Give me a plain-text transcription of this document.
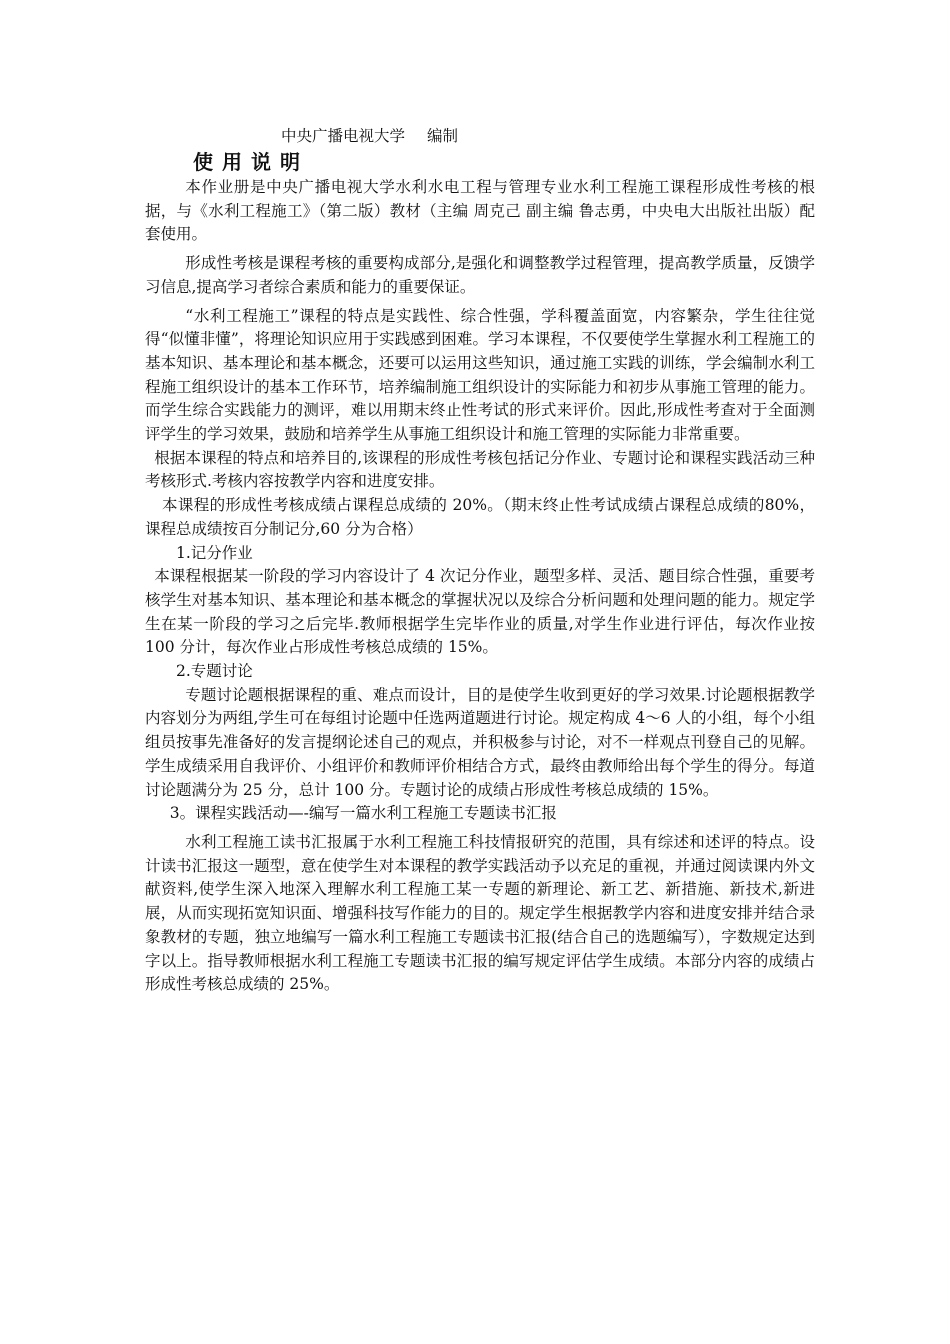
中央广播电视大学 编制
使用说明

本作业册是中央广播电视大学水利水电工程与管理专业水利工程施工课程形成性考核的根据，与《水利工程施工》（第二版）教材（主编 周克己 副主编 鲁志勇，中央电大出版社出版）配套使用。

形成性考核是课程考核的重要构成部分,是强化和调整教学过程管理，提高教学质量，反馈学习信息,提高学习者综合素质和能力的重要保证。

“水利工程施工”课程的特点是实践性、综合性强，学科覆盖面宽，内容繁杂，学生往往觉得“似懂非懂”，将理论知识应用于实践感到困难。学习本课程，不仅要使学生掌握水利工程施工的基本知识、基本理论和基本概念，还要可以运用这些知识，通过施工实践的训练，学会编制水利工程施工组织设计的基本工作环节，培养编制施工组织设计的实际能力和初步从事施工管理的能力。而学生综合实践能力的测评，难以用期末终止性考试的形式来评价。因此,形成性考查对于全面测评学生的学习效果，鼓励和培养学生从事施工组织设计和施工管理的实际能力非常重要。

根据本课程的特点和培养目的,该课程的形成性考核包括记分作业、专题讨论和课程实践活动三种考核形式.考核内容按教学内容和进度安排。

本课程的形成性考核成绩占课程总成绩的 20%。（期末终止性考试成绩占课程总成绩的80%，课程总成绩按百分制记分,60 分为合格）

1.记分作业

本课程根据某一阶段的学习内容设计了 4 次记分作业，题型多样、灵活、题目综合性强，重要考核学生对基本知识、基本理论和基本概念的掌握状况以及综合分析问题和处理问题的能力。规定学生在某一阶段的学习之后完毕.教师根据学生完毕作业的质量,对学生作业进行评估，每次作业按 100 分计，每次作业占形成性考核总成绩的 15%。

2.专题讨论

专题讨论题根据课程的重、难点而设计，目的是使学生收到更好的学习效果.讨论题根据教学内容划分为两组,学生可在每组讨论题中任选两道题进行讨论。规定构成 4～6 人的小组，每个小组组员按事先准备好的发言提纲论述自己的观点，并积极参与讨论，对不一样观点刊登自己的见解。学生成绩采用自我评价、小组评价和教师评价相结合方式，最终由教师给出每个学生的得分。每道讨论题满分为 25 分，总计 100 分。专题讨论的成绩占形成性考核总成绩的 15%。

3。课程实践活动—-编写一篇水利工程施工专题读书汇报

水利工程施工读书汇报属于水利工程施工科技情报研究的范围，具有综述和述评的特点。设计读书汇报这一题型，意在使学生对本课程的教学实践活动予以充足的重视，并通过阅读课内外文献资料,使学生深入地深入理解水利工程施工某一专题的新理论、新工艺、新措施、新技术,新进展，从而实现拓宽知识面、增强科技写作能力的目的。规定学生根据教学内容和进度安排并结合录象教材的专题，独立地编写一篇水利工程施工专题读书汇报(结合自己的选题编写），字数规定达到字以上。指导教师根据水利工程施工专题读书汇报的编写规定评估学生成绩。本部分内容的成绩占形成性考核总成绩的 25%。
